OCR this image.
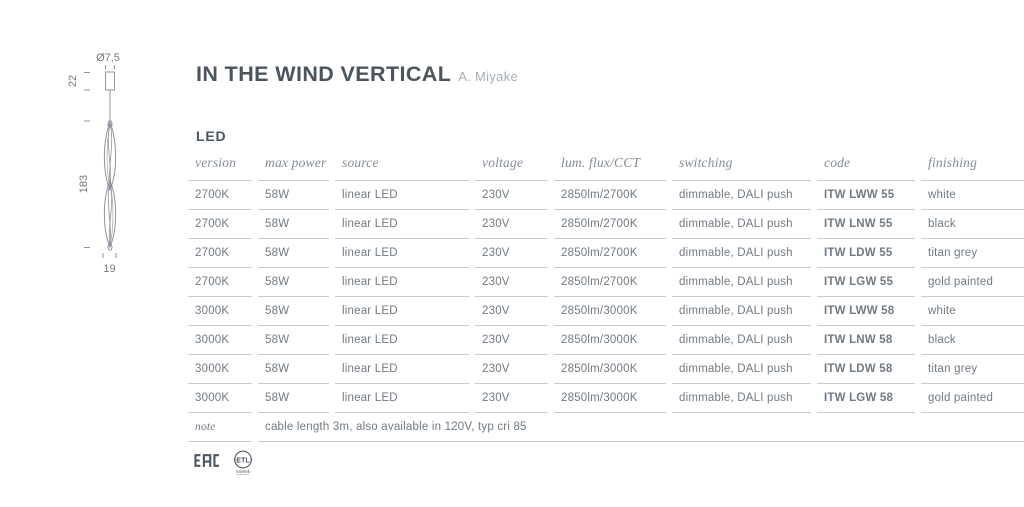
Ø7,5
22
183
19
IN THE WIND VERTICAL A. Miyake
LED
version	max power	source	voltage	lum. flux/CCT	switching	code	finishing
2700K	58W	linear LED	230V	2850lm/2700K	dimmable, DALI push	ITW LWW 55	white
2700K	58W	linear LED	230V	2850lm/2700K	dimmable, DALI push	ITW LNW 55	black
2700K	58W	linear LED	230V	2850lm/2700K	dimmable, DALI push	ITW LDW 55	titan grey
2700K	58W	linear LED	230V	2850lm/2700K	dimmable, DALI push	ITW LGW 55	gold painted
3000K	58W	linear LED	230V	2850lm/3000K	dimmable, DALI push	ITW LWW 58	white
3000K	58W	linear LED	230V	2850lm/3000K	dimmable, DALI push	ITW LNW 58	black
3000K	58W	linear LED	230V	2850lm/3000K	dimmable, DALI push	ITW LDW 58	titan grey
3000K	58W	linear LED	230V	2850lm/3000K	dimmable, DALI push	ITW LGW 58	gold painted
note	cable length 3m, also available in 120V, typ cri 85						
ETL
Intertek
